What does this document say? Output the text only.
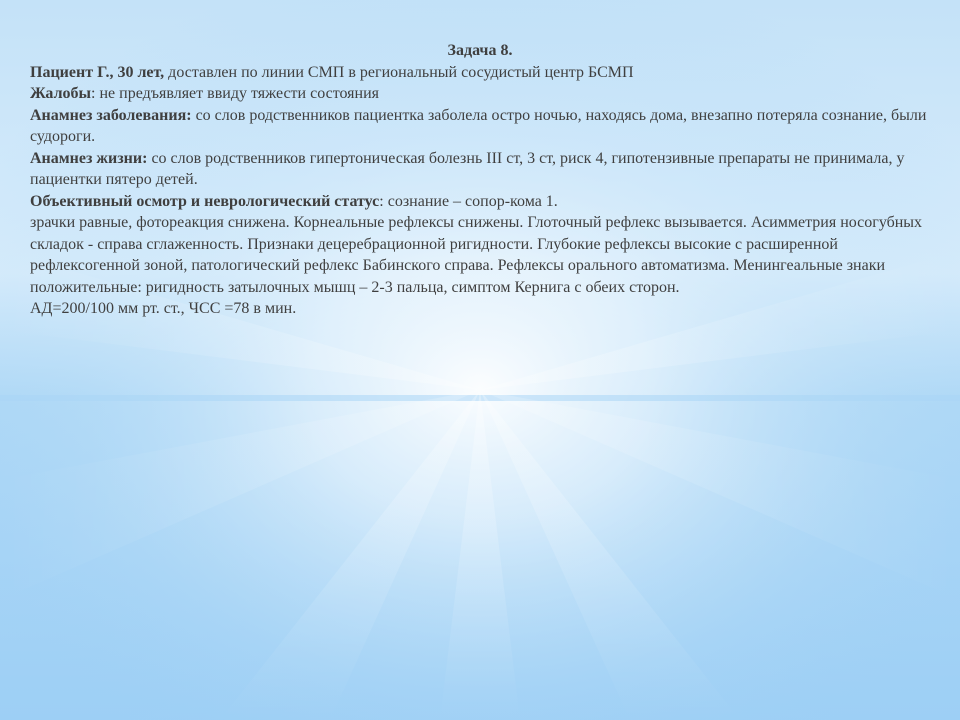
Задача 8.

Пациент Г., 30 лет, доставлен по линии СМП в региональный сосудистый центр БСМП

Жалобы: не предъявляет ввиду тяжести состояния

Анамнез заболевания: со слов родственников пациентка заболела остро ночью, находясь дома, внезапно потеряла сознание, были судороги.

Анамнез жизни: со слов родственников гипертоническая болезнь III ст, 3 ст, риск 4, гипотензивные препараты не принимала, у пациентки пятеро детей.

Объективный осмотр и неврологический статус: сознание – сопор-кома 1.

зрачки равные, фотореакция снижена. Корнеальные рефлексы снижены. Глоточный рефлекс вызывается. Асимметрия носогубных складок - справа сглаженность. Признаки децеребрационной ригидности. Глубокие рефлексы высокие с расширенной рефлексогенной зоной, патологический рефлекс Бабинского справа. Рефлексы орального автоматизма. Менингеальные знаки положительные: ригидность затылочных мышц – 2-3 пальца, симптом Кернига с обеих сторон.

АД=200/100 мм рт. ст., ЧСС =78 в мин.
